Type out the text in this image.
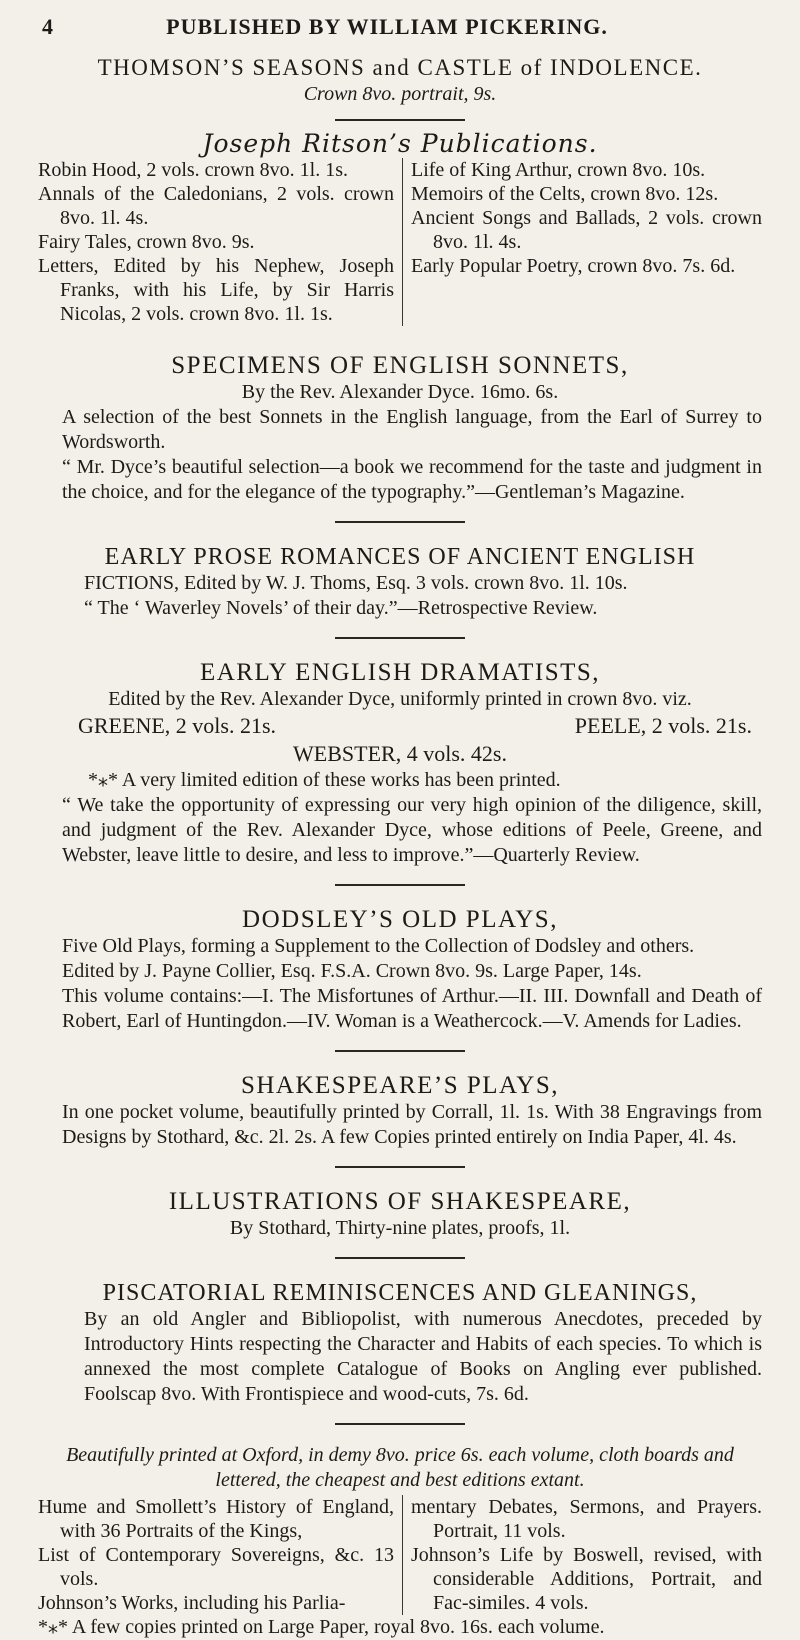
4	PUBLISHED BY WILLIAM PICKERING.
THOMSON’S SEASONS and CASTLE of INDOLENCE.
Crown 8vo. portrait, 9s.
Joseph Ritson’s Publications.

Robin Hood, 2 vols. crown 8vo. 1l. 1s.

Annals of the Caledonians, 2 vols. crown 8vo. 1l. 4s.

Fairy Tales, crown 8vo. 9s.

Letters, Edited by his Nephew, Joseph Franks, with his Life, by Sir Harris Nicolas, 2 vols. crown 8vo. 1l. 1s.

Life of King Arthur, crown 8vo. 10s.

Memoirs of the Celts, crown 8vo. 12s.

Ancient Songs and Ballads, 2 vols. crown 8vo. 1l. 4s.

Early Popular Poetry, crown 8vo. 7s. 6d.

SPECIMENS OF ENGLISH SONNETS,
By the Rev. Alexander Dyce. 16mo. 6s.

A selection of the best Sonnets in the English language, from the Earl of Surrey to Wordsworth.

“ Mr. Dyce’s beautiful selection—a book we recommend for the taste and judgment in the choice, and for the elegance of the typography.”—Gentleman’s Magazine.

EARLY PROSE ROMANCES OF ANCIENT ENGLISH
FICTIONS, Edited by W. J. Thoms, Esq. 3 vols. crown 8vo. 1l. 10s.
“ The ‘ Waverley Novels’ of their day.”—Retrospective Review.
EARLY ENGLISH DRAMATISTS,
Edited by the Rev. Alexander Dyce, uniformly printed in crown 8vo. viz.
GREENE, 2 vols. 21s.	PEELE, 2 vols. 21s.
WEBSTER, 4 vols. 42s.
*⁎* A very limited edition of these works has been printed.

“ We take the opportunity of expressing our very high opinion of the diligence, skill, and judgment of the Rev. Alexander Dyce, whose editions of Peele, Greene, and Webster, leave little to desire, and less to improve.”—Quarterly Review.

DODSLEY’S OLD PLAYS,

Five Old Plays, forming a Supplement to the Collection of Dodsley and others.

Edited by J. Payne Collier, Esq. F.S.A. Crown 8vo. 9s. Large Paper, 14s.

This volume contains:—I. The Misfortunes of Arthur.—II. III. Downfall and Death of Robert, Earl of Huntingdon.—IV. Woman is a Weathercock.—V. Amends for Ladies.

SHAKESPEARE’S PLAYS,

In one pocket volume, beautifully printed by Corrall, 1l. 1s. With 38 Engravings from Designs by Stothard, &c. 2l. 2s. A few Copies printed entirely on India Paper, 4l. 4s.

ILLUSTRATIONS OF SHAKESPEARE,
By Stothard, Thirty-nine plates, proofs, 1l.
PISCATORIAL REMINISCENCES AND GLEANINGS,

By an old Angler and Bibliopolist, with numerous Anecdotes, preceded by Introductory Hints respecting the Character and Habits of each species. To which is annexed the most complete Catalogue of Books on Angling ever published. Foolscap 8vo. With Frontispiece and wood-cuts, 7s. 6d.

Beautifully printed at Oxford, in demy 8vo. price 6s. each volume, cloth boards and lettered, the cheapest and best editions extant.

Hume and Smollett’s History of England, with 36 Portraits of the Kings,

List of Contemporary Sovereigns, &c. 13 vols.

Johnson’s Works, including his Parlia-

mentary Debates, Sermons, and Prayers. Portrait, 11 vols.

Johnson’s Life by Boswell, revised, with considerable Additions, Portrait, and Fac-similes. 4 vols.

*⁎* A few copies printed on Large Paper, royal 8vo. 16s. each volume.
